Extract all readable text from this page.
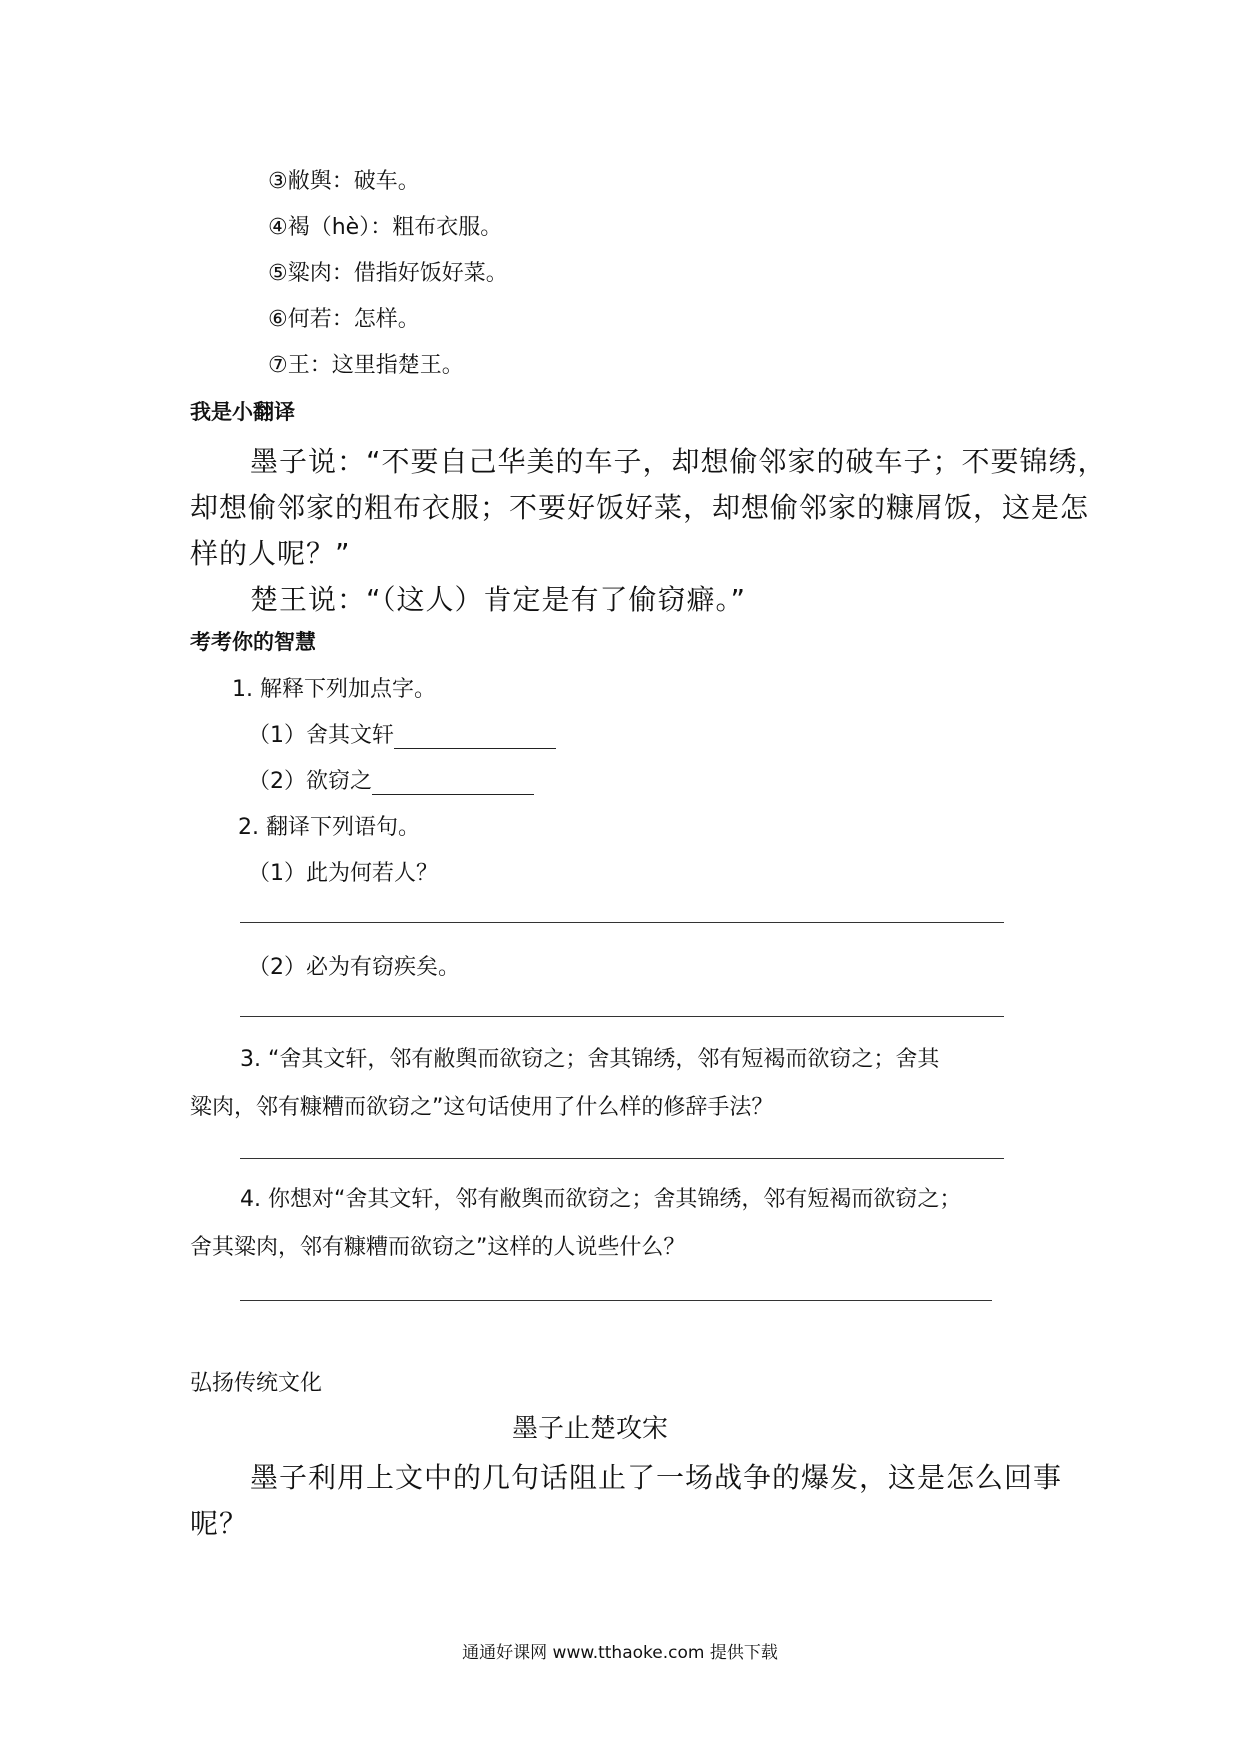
③敝舆：破车。
④褐（hè）：粗布衣服。
⑤粱肉：借指好饭好菜。
⑥何若：怎样。
⑦王：这里指楚王。
我是小翻译
墨子说：“不要自己华美的车子，却想偷邻家的破车子；不要锦绣，
却想偷邻家的粗布衣服；不要好饭好菜，却想偷邻家的糠屑饭，这是怎
样的人呢？”
楚王说：“（这人）肯定是有了偷窃癖。”
考考你的智慧
1. 解释下列加点字。
（1）舍其文轩
（2）欲窃之
2. 翻译下列语句。
（1）此为何若人？
（2）必为有窃疾矣。
3. “舍其文轩，邻有敝舆而欲窃之；舍其锦绣，邻有短褐而欲窃之；舍其
粱肉，邻有糠糟而欲窃之”这句话使用了什么样的修辞手法？
4. 你想对“舍其文轩，邻有敝舆而欲窃之；舍其锦绣，邻有短褐而欲窃之；
舍其粱肉，邻有糠糟而欲窃之”这样的人说些什么？
弘扬传统文化
墨子止楚攻宋
墨子利用上文中的几句话阻止了一场战争的爆发，这是怎么回事
呢？
通通好课网 www.tthaoke.com 提供下载
